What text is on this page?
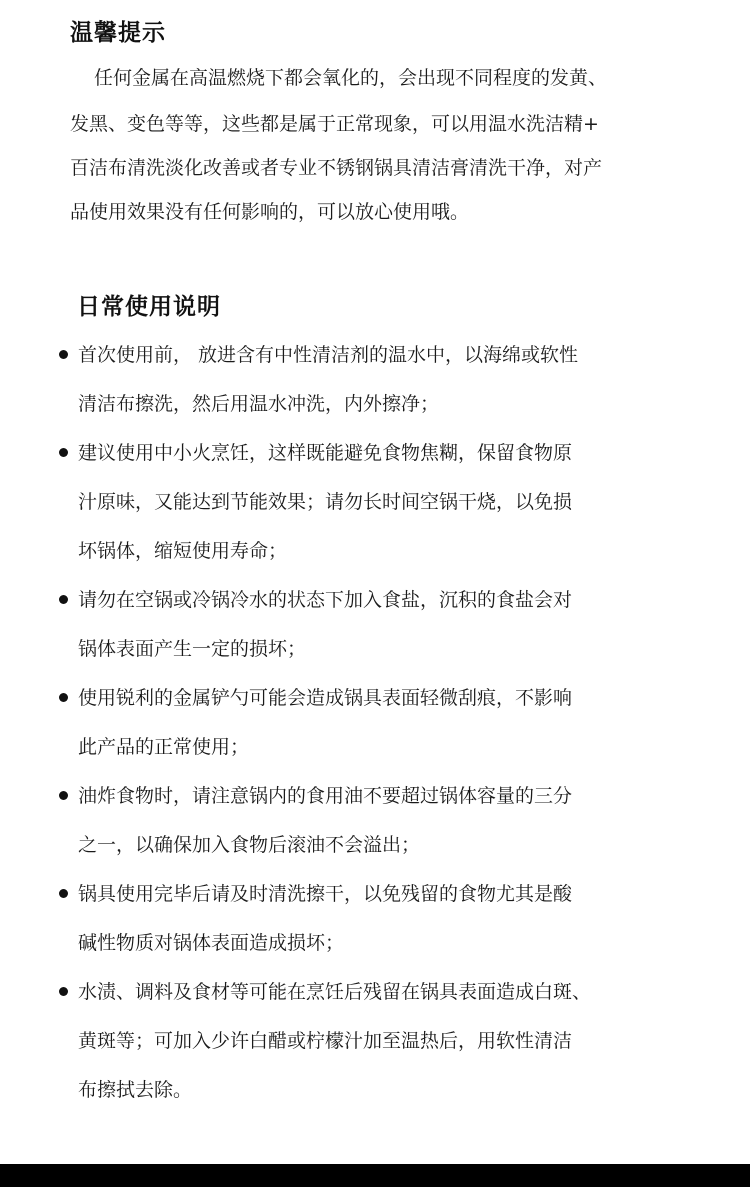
温馨提示
任何金属在高温燃烧下都会氧化的，会出现不同程度的发黄、
发黑、变色等等，这些都是属于正常现象，可以用温水洗洁精+
百洁布清洗淡化改善或者专业不锈钢锅具清洁膏清洗干净，对产
品使用效果没有任何影响的，可以放心使用哦。
日常使用说明
首次使用前， 放进含有中性清洁剂的温水中，以海绵或软性
清洁布擦洗，然后用温水冲洗，内外擦净；
建议使用中小火烹饪，这样既能避免食物焦糊，保留食物原
汁原味，又能达到节能效果；请勿长时间空锅干烧，以免损
坏锅体，缩短使用寿命；
请勿在空锅或冷锅冷水的状态下加入食盐，沉积的食盐会对
锅体表面产生一定的损坏；
使用锐利的金属铲勺可能会造成锅具表面轻微刮痕，不影响
此产品的正常使用；
油炸食物时，请注意锅内的食用油不要超过锅体容量的三分
之一，以确保加入食物后滚油不会溢出；
锅具使用完毕后请及时清洗擦干，以免残留的食物尤其是酸
碱性物质对锅体表面造成损坏；
水渍、调料及食材等可能在烹饪后残留在锅具表面造成白斑、
黄斑等；可加入少许白醋或柠檬汁加至温热后，用软性清洁
布擦拭去除。
